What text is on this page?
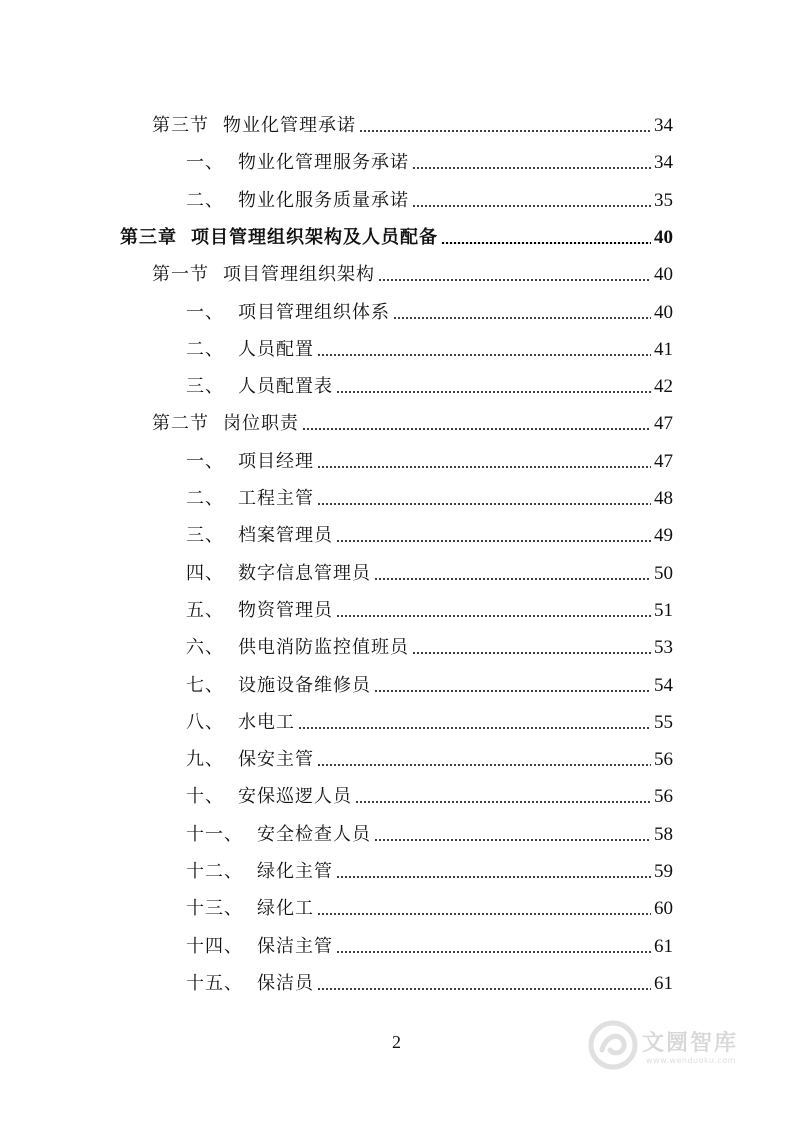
第三节 物业化管理承诺	34
一、 物业化管理服务承诺	34
二、 物业化服务质量承诺	35
第三章 项目管理组织架构及人员配备	40
第一节 项目管理组织架构	40
一、 项目管理组织体系	40
二、 人员配置	41
三、 人员配置表	42
第二节 岗位职责	47
一、 项目经理	47
二、 工程主管	48
三、 档案管理员	49
四、 数字信息管理员	50
五、 物资管理员	51
六、 供电消防监控值班员	53
七、 设施设备维修员	54
八、 水电工	55
九、 保安主管	56
十、 安保巡逻人员	56
十一、 安全检查人员	58
十二、 绿化主管	59
十三、 绿化工	60
十四、 保洁主管	61
十五、 保洁员	61
2	文圐智库
www.wenduoku.com
